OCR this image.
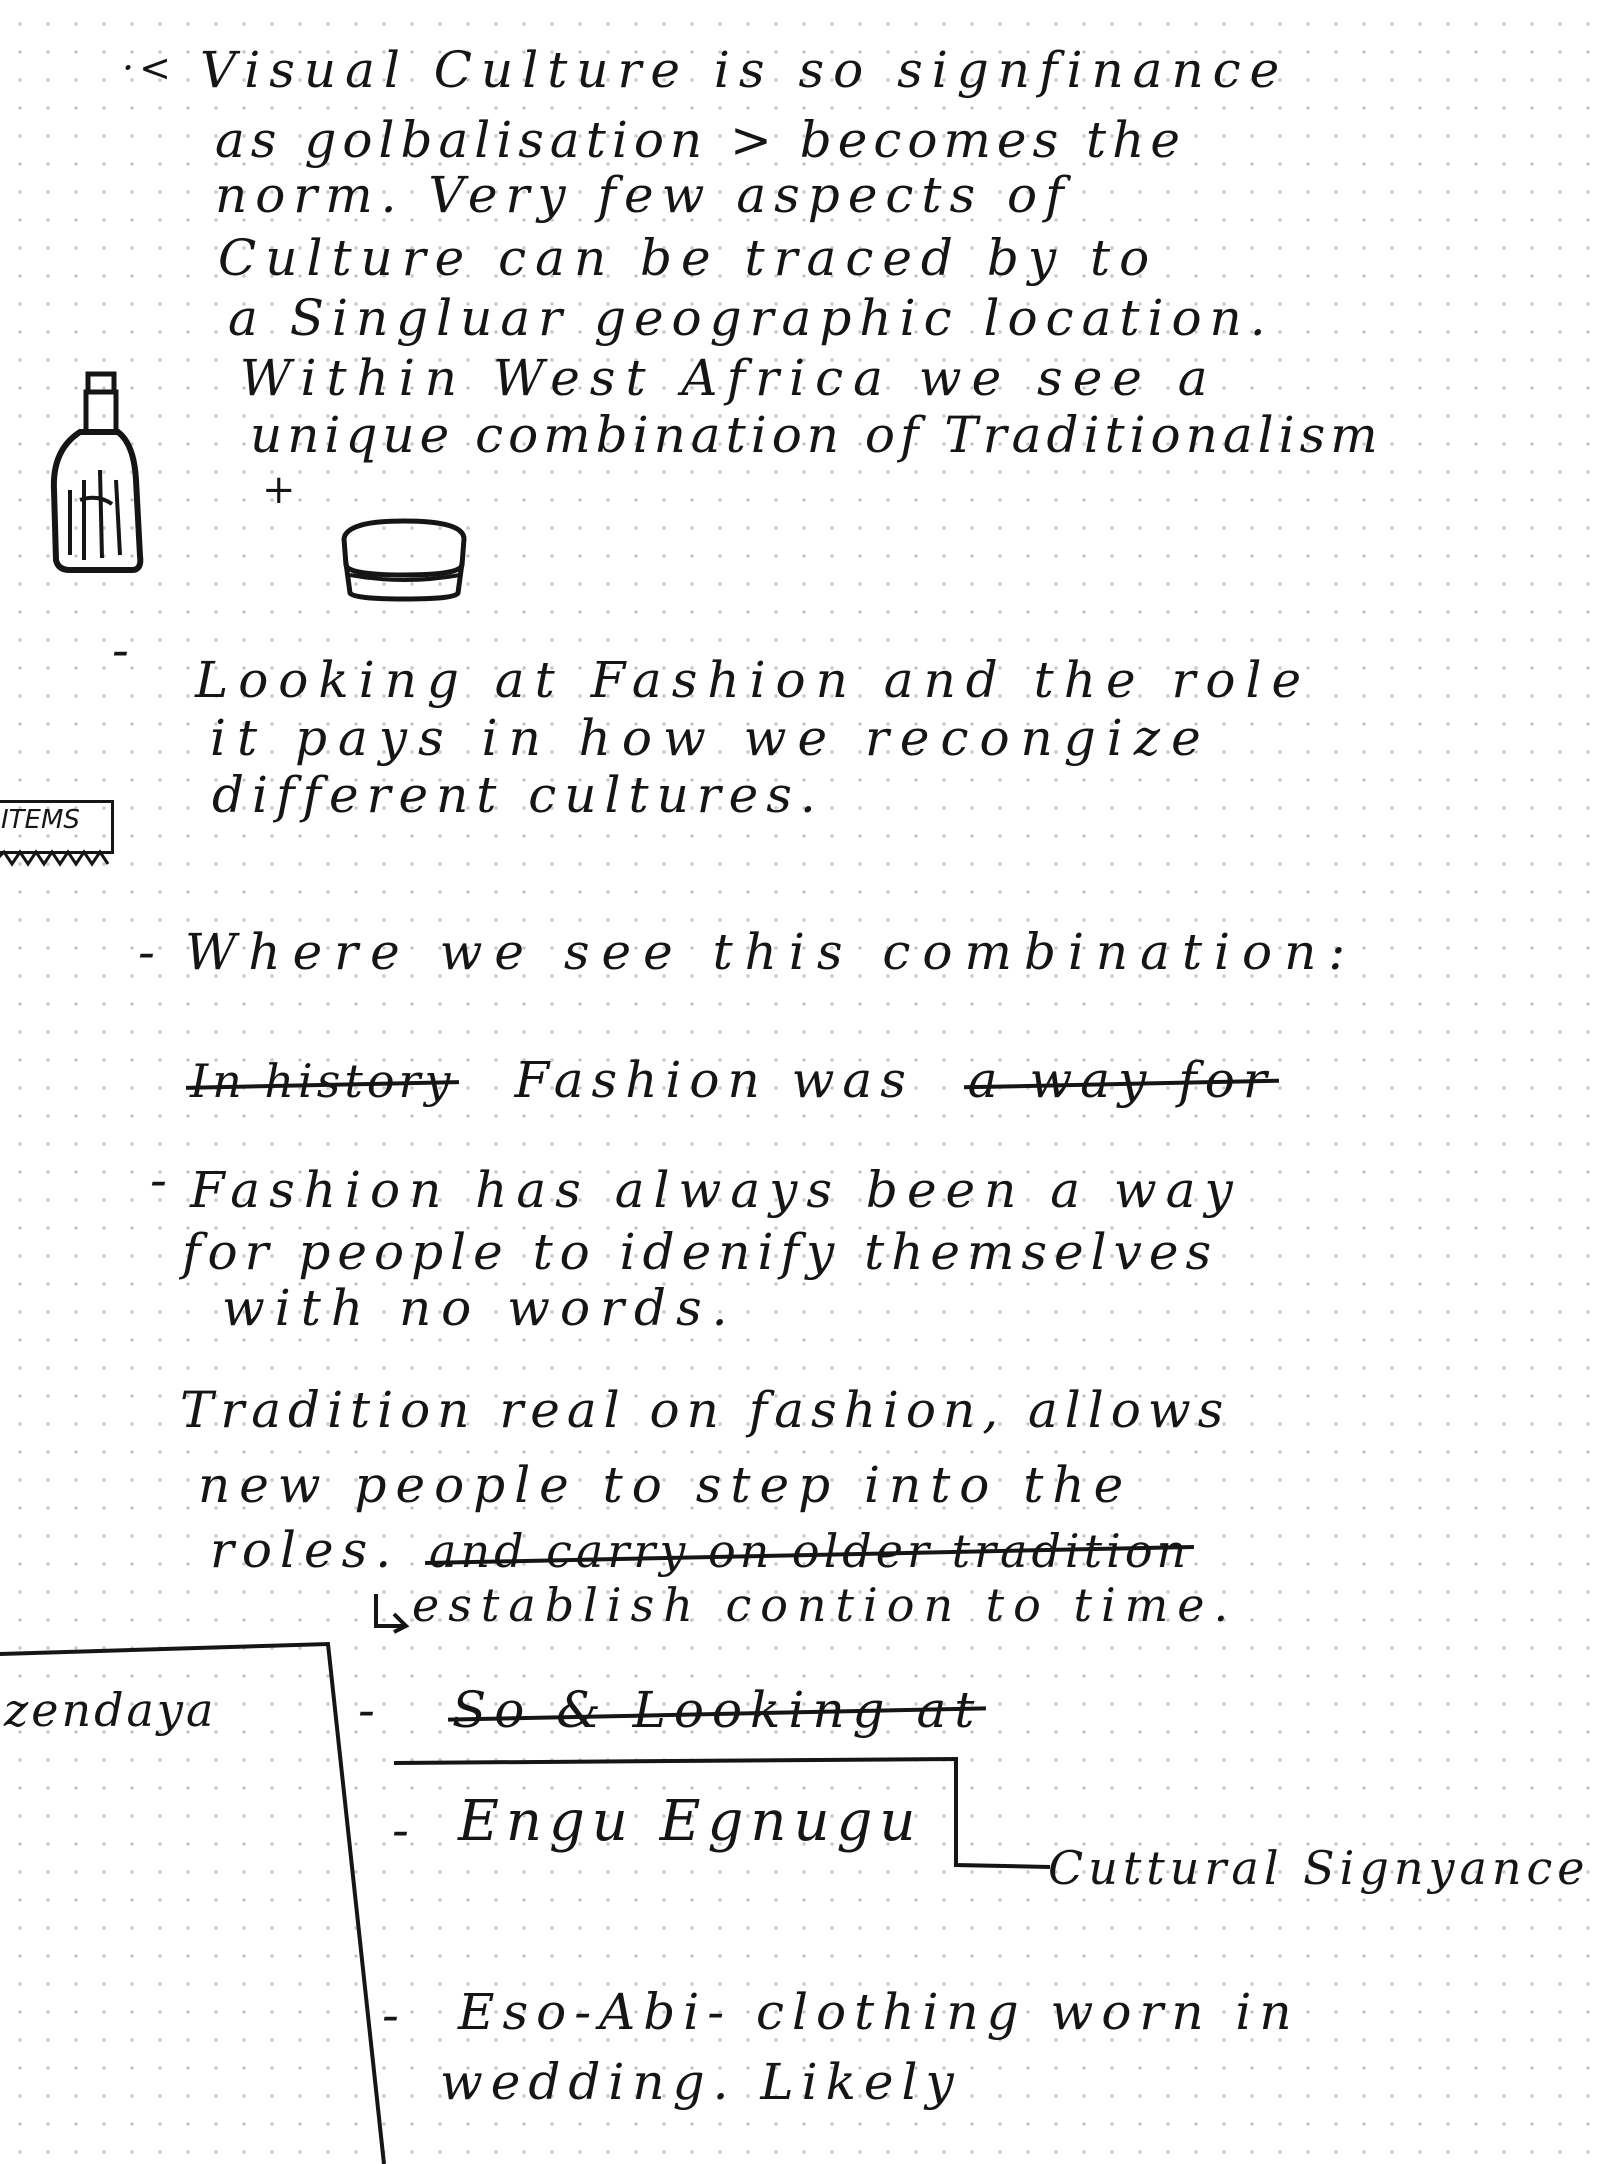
·< Visual Culture is so signfinance
as golbalisation > becomes the
norm. Very few aspects of
Culture can be traced by to
a Singluar geographic location.
Within West Africa we see a
unique combination of Traditionalism
+
-
Looking at Fashion and the role
it pays in how we recongize
different cultures.
ITEMS
- Where we see this combination:
In history Fashion was a way for
- Fashion has always been a way
for people to idenify themselves
with no words.
Tradition real on fashion, allows
new people to step into the
roles. and carry on older tradition
establish contion to time.
zendaya	- So & Looking at
- Engu Egnugu
Cuttural Signyance
- Eso-Abi- clothing worn in
wedding. Likely
